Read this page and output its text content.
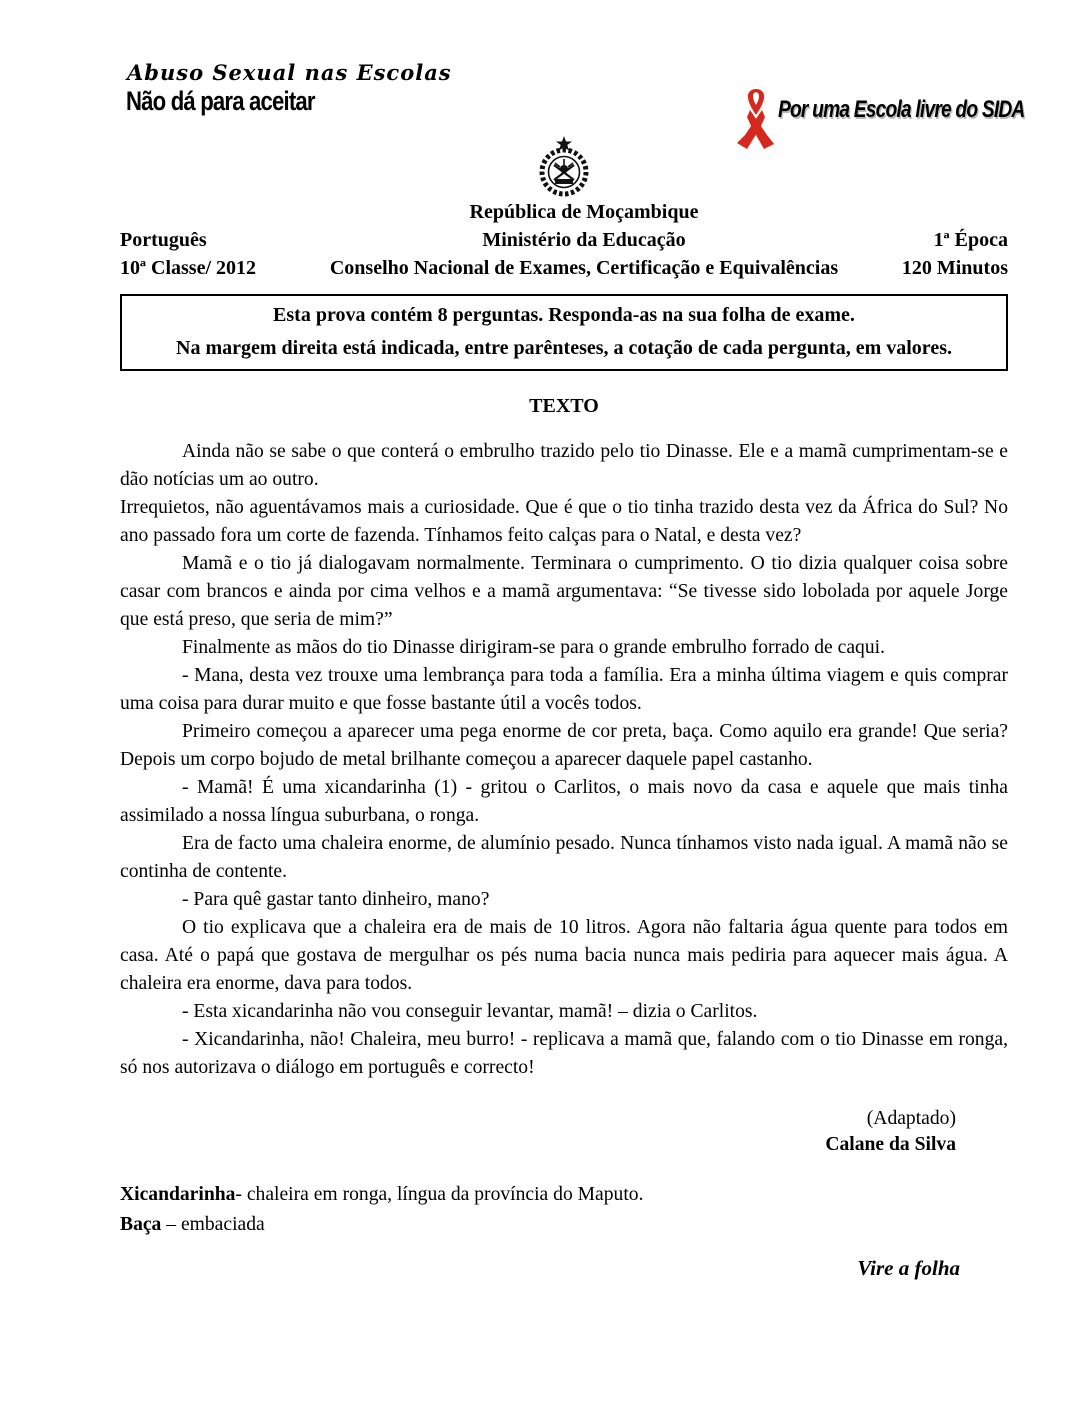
Abuso Sexual nas Escolas
Não dá para aceitar	Por uma Escola livre do SIDA
República de Moçambique
Português	Ministério da Educação	1ª Época
10ª Classe/ 2012	Conselho Nacional de Exames, Certificação e Equivalências	120 Minutos
Esta prova contém 8 perguntas. Responda-as na sua folha de exame.
Na margem direita está indicada, entre parênteses, a cotação de cada pergunta, em valores.
TEXTO

Ainda não se sabe o que conterá o embrulho trazido pelo tio Dinasse. Ele e a mamã cumprimentam-se e dão notícias um ao outro.

Irrequietos, não aguentávamos mais a curiosidade. Que é que o tio tinha trazido desta vez da África do Sul? No ano passado fora um corte de fazenda. Tínhamos feito calças para o Natal, e desta vez?

Mamã e o tio já dialogavam normalmente. Terminara o cumprimento. O tio dizia qualquer coisa sobre casar com brancos e ainda por cima velhos e a mamã argumentava: “Se tivesse sido lobolada por aquele Jorge que está preso, que seria de mim?”

Finalmente as mãos do tio Dinasse dirigiram-se para o grande embrulho forrado de caqui.

- Mana, desta vez trouxe uma lembrança para toda a família. Era a minha última viagem e quis comprar uma coisa para durar muito e que fosse bastante útil a vocês todos.

Primeiro começou a aparecer uma pega enorme de cor preta, baça. Como aquilo era grande! Que seria? Depois um corpo bojudo de metal brilhante começou a aparecer daquele papel castanho.

- Mamã! É uma xicandarinha (1) - gritou o Carlitos, o mais novo da casa e aquele que mais tinha assimilado a nossa língua suburbana, o ronga.

Era de facto uma chaleira enorme, de alumínio pesado. Nunca tínhamos visto nada igual. A mamã não se continha de contente.

- Para quê gastar tanto dinheiro, mano?

O tio explicava que a chaleira era de mais de 10 litros. Agora não faltaria água quente para todos em casa. Até o papá que gostava de mergulhar os pés numa bacia nunca mais pediria para aquecer mais água. A chaleira era enorme, dava para todos.

- Esta xicandarinha não vou conseguir levantar, mamã! – dizia o Carlitos.

- Xicandarinha, não! Chaleira, meu burro! - replicava a mamã que, falando com o tio Dinasse em ronga, só nos autorizava o diálogo em português e correcto!

(Adaptado)
Calane da Silva
Xicandarinha- chaleira em ronga, língua da província do Maputo.
Baça – embaciada
Vire a folha
